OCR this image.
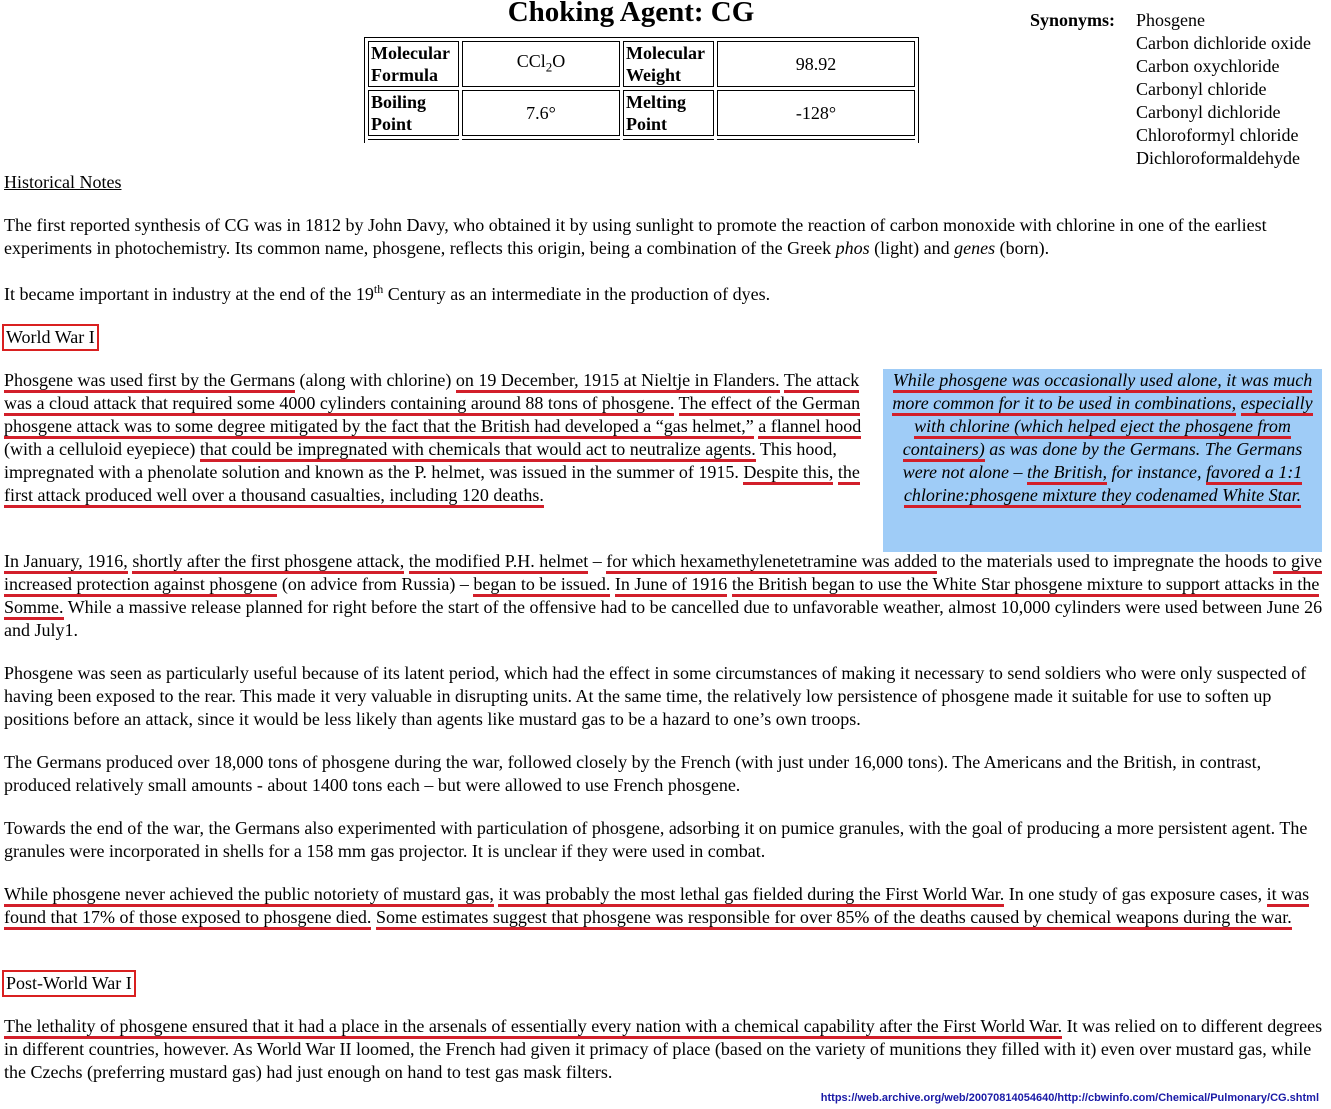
Choking Agent: CG
Molecular Formula	CCl$_2$O	Molecular Weight	98.92
Boiling Point	7.6°	Melting Point	-128°

Synonyms: Phosgene
Carbon dichloride oxide
Carbon oxychloride
Carbonyl chloride
Carbonyl dichloride
Chloroformyl chloride
Dichloroformaldehyde

Historical Notes

The first reported synthesis of CG was in 1812 by John Davy, who obtained it by using sunlight to promote the reaction of carbon monoxide with chlorine in one of the earliest experiments in photochemistry. Its common name, phosgene, reflects this origin, being a combination of the Greek phos (light) and genes (born).

It became important in industry at the end of the 19th Century as an intermediate in the production of dyes.

World War I

Phosgene was used first by the Germans (along with chlorine) on 19 December, 1915 at Nieltje in Flanders. The attack was a cloud attack that required some 4000 cylinders containing around 88 tons of phosgene. The effect of the German phosgene attack was to some degree mitigated by the fact that the British had developed a “gas helmet,” a flannel hood (with a celluloid eyepiece) that could be impregnated with chemicals that would act to neutralize agents. This hood, impregnated with a phenolate solution and known as the P. helmet, was issued in the summer of 1915. Despite this, the first attack produced well over a thousand casualties, including 120 deaths.

While phosgene was occasionally used alone, it was much more common for it to be used in combinations, especially with chlorine (which helped eject the phosgene from containers) as was done by the Germans. The Germans were not alone – the British, for instance, favored a 1:1 chlorine:phosgene mixture they codenamed White Star.

In January, 1916, shortly after the first phosgene attack, the modified P.H. helmet – for which hexamethylenetetramine was added to the materials used to impregnate the hoods to give increased protection against phosgene (on advice from Russia) – began to be issued. In June of 1916 the British began to use the White Star phosgene mixture to support attacks in the Somme. While a massive release planned for right before the start of the offensive had to be cancelled due to unfavorable weather, almost 10,000 cylinders were used between June 26 and July1.

Phosgene was seen as particularly useful because of its latent period, which had the effect in some circumstances of making it necessary to send soldiers who were only suspected of having been exposed to the rear. This made it very valuable in disrupting units. At the same time, the relatively low persistence of phosgene made it suitable for use to soften up positions before an attack, since it would be less likely than agents like mustard gas to be a hazard to one’s own troops.

The Germans produced over 18,000 tons of phosgene during the war, followed closely by the French (with just under 16,000 tons). The Americans and the British, in contrast, produced relatively small amounts - about 1400 tons each – but were allowed to use French phosgene.

Towards the end of the war, the Germans also experimented with particulation of phosgene, adsorbing it on pumice granules, with the goal of producing a more persistent agent. The granules were incorporated in shells for a 158 mm gas projector. It is unclear if they were used in combat.

While phosgene never achieved the public notoriety of mustard gas, it was probably the most lethal gas fielded during the First World War. In one study of gas exposure cases, it was found that 17% of those exposed to phosgene died. Some estimates suggest that phosgene was responsible for over 85% of the deaths caused by chemical weapons during the war.

Post-World War I

The lethality of phosgene ensured that it had a place in the arsenals of essentially every nation with a chemical capability after the First World War. It was relied on to different degrees in different countries, however. As World War II loomed, the French had given it primacy of place (based on the variety of munitions they filled with it) even over mustard gas, while the Czechs (preferring mustard gas) had just enough on hand to test gas mask filters.

https://web.archive.org/web/20070814054640/http://cbwinfo.com/Chemical/Pulmonary/CG.shtml
